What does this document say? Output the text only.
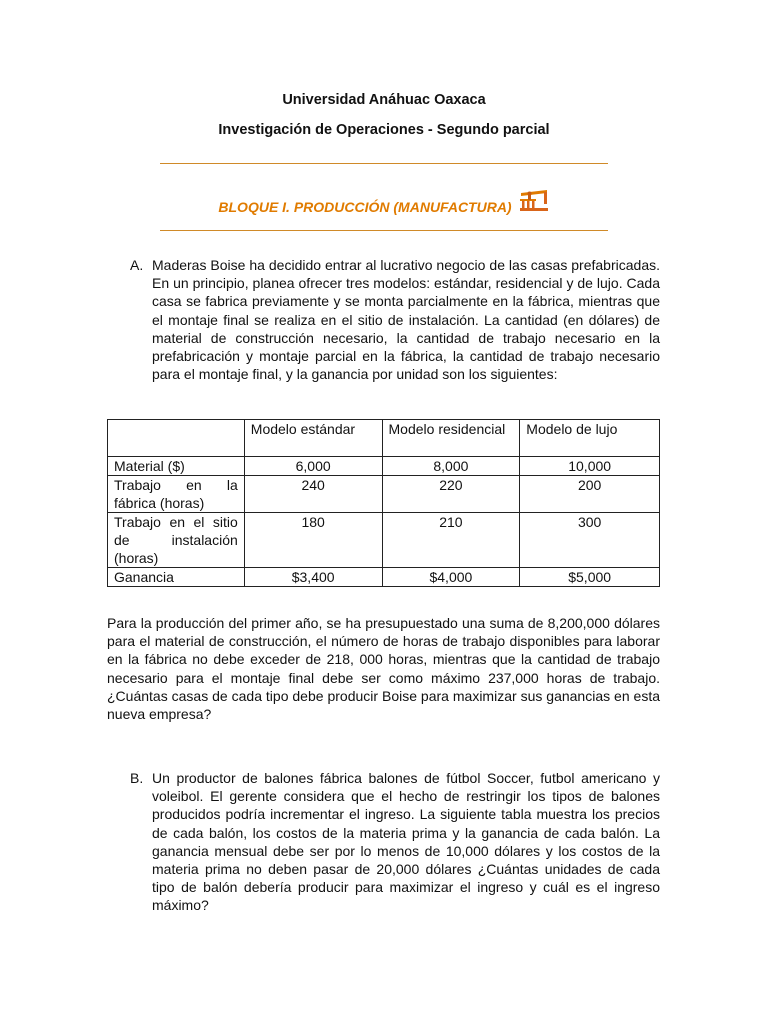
Universidad Anáhuac Oaxaca
Investigación de Operaciones - Segundo parcial
BLOQUE I. PRODUCCIÓN (MANUFACTURA)
A. Maderas Boise ha decidido entrar al lucrativo negocio de las casas prefabricadas. En un principio, planea ofrecer tres modelos: estándar, residencial y de lujo. Cada casa se fabrica previamente y se monta parcialmente en la fábrica, mientras que el montaje final se realiza en el sitio de instalación. La cantidad (en dólares) de material de construcción necesario, la cantidad de trabajo necesario en la prefabricación y montaje parcial en la fábrica, la cantidad de trabajo necesario para el montaje final, y la ganancia por unidad son los siguientes:
	Modelo estándar	Modelo residencial	Modelo de lujo
Material ($)	6,000	8,000	10,000
Trabajo en la fábrica (horas)	240	220	200
Trabajo en el sitio de instalación (horas)	180	210	300
Ganancia	$3,400	$4,000	$5,000
Para la producción del primer año, se ha presupuestado una suma de 8,200,000 dólares para el material de construcción, el número de horas de trabajo disponibles para laborar en la fábrica no debe exceder de 218, 000 horas, mientras que la cantidad de trabajo necesario para el montaje final debe ser como máximo 237,000 horas de trabajo. ¿Cuántas casas de cada tipo debe producir Boise para maximizar sus ganancias en esta nueva empresa?
B. Un productor de balones fábrica balones de fútbol Soccer, futbol americano y voleibol. El gerente considera que el hecho de restringir los tipos de balones producidos podría incrementar el ingreso. La siguiente tabla muestra los precios de cada balón, los costos de la materia prima y la ganancia de cada balón. La ganancia mensual debe ser por lo menos de 10,000 dólares y los costos de la materia prima no deben pasar de 20,000 dólares ¿Cuántas unidades de cada tipo de balón debería producir para maximizar el ingreso y cuál es el ingreso máximo?
